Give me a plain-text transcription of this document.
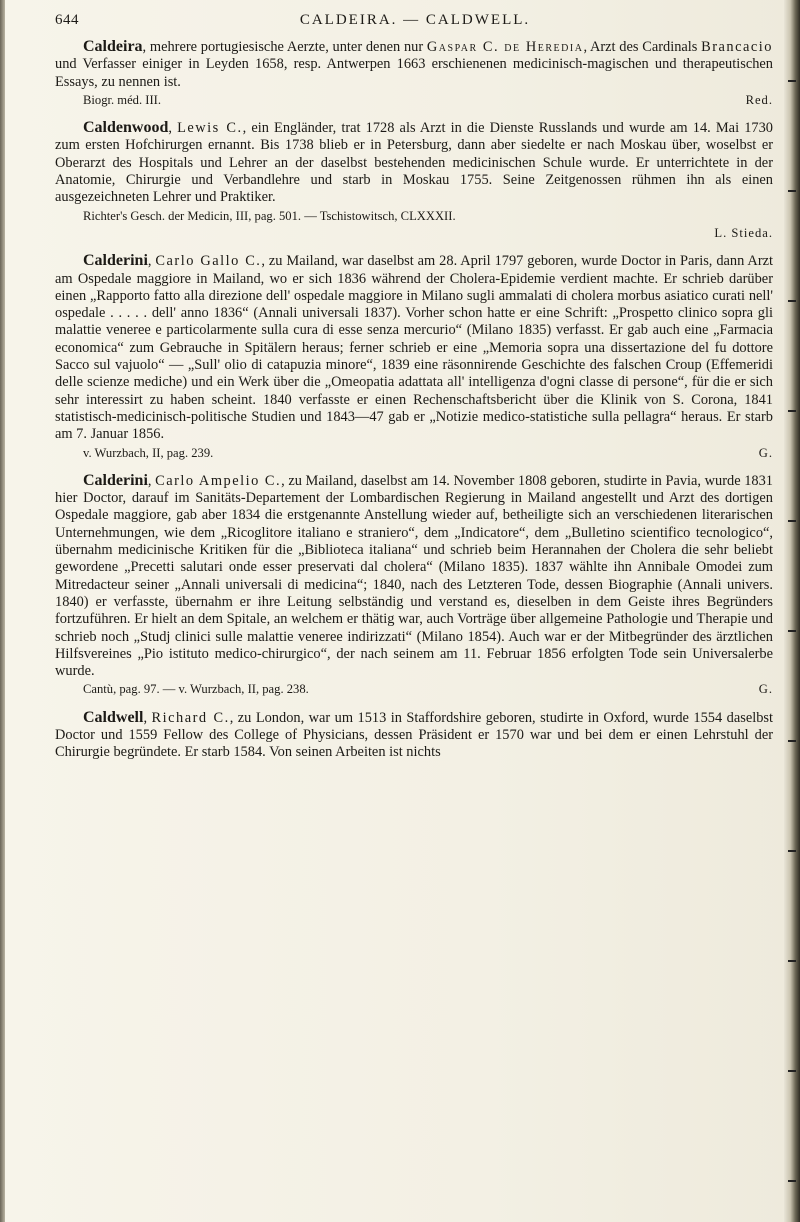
644	CALDEIRA. — CALDWELL.

Caldeira, mehrere portugiesische Aerzte, unter denen nur Gaspar C. de Heredia, Arzt des Cardinals Brancacio und Verfasser einiger in Leyden 1658, resp. Antwerpen 1663 erschienenen medicinisch-magischen und therapeutischen Essays, zu nennen ist.

Biogr. méd. III.	Red.

Caldenwood, Lewis C., ein Engländer, trat 1728 als Arzt in die Dienste Russlands und wurde am 14. Mai 1730 zum ersten Hofchirurgen ernannt. Bis 1738 blieb er in Petersburg, dann aber siedelte er nach Moskau über, woselbst er Oberarzt des Hospitals und Lehrer an der daselbst bestehenden medicinischen Schule wurde. Er unterrichtete in der Anatomie, Chirurgie und Verbandlehre und starb in Moskau 1755. Seine Zeitgenossen rühmen ihn als einen ausgezeichneten Lehrer und Praktiker.

Richter's Gesch. der Medicin, III, pag. 501. — Tschistowitsch, CLXXXII.

L. Stieda.

Calderini, Carlo Gallo C., zu Mailand, war daselbst am 28. April 1797 geboren, wurde Doctor in Paris, dann Arzt am Ospedale maggiore in Mailand, wo er sich 1836 während der Cholera-Epidemie verdient machte. Er schrieb darüber einen „Rapporto fatto alla direzione dell' ospedale maggiore in Milano sugli ammalati di cholera morbus asiatico curati nell' ospedale . . . . . dell' anno 1836“ (Annali universali 1837). Vorher schon hatte er eine Schrift: „Prospetto clinico sopra gli malattie veneree e particolarmente sulla cura di esse senza mercurio“ (Milano 1835) verfasst. Er gab auch eine „Farmacia economica“ zum Gebrauche in Spitälern heraus; ferner schrieb er eine „Memoria sopra una dissertazione del fu dottore Sacco sul vajuolo“ — „Sull' olio di catapuzia minore“, 1839 eine räsonnirende Geschichte des falschen Croup (Effemeridi delle scienze mediche) und ein Werk über die „Omeopatia adattata all' intelligenza d'ogni classe di persone“, für die er sich sehr interessirt zu haben scheint. 1840 verfasste er einen Rechenschaftsbericht über die Klinik von S. Corona, 1841 statistisch-medicinisch-politische Studien und 1843—47 gab er „Notizie medico-statistiche sulla pellagra“ heraus. Er starb am 7. Januar 1856.

v. Wurzbach, II, pag. 239.	G.

Calderini, Carlo Ampelio C., zu Mailand, daselbst am 14. November 1808 geboren, studirte in Pavia, wurde 1831 hier Doctor, darauf im Sanitäts-Departement der Lombardischen Regierung in Mailand angestellt und Arzt des dortigen Ospedale maggiore, gab aber 1834 die erstgenannte Anstellung wieder auf, betheiligte sich an verschiedenen literarischen Unternehmungen, wie dem „Ricoglitore italiano e straniero“, dem „Indicatore“, dem „Bulletino scientifico tecnologico“, übernahm medicinische Kritiken für die „Biblioteca italiana“ und schrieb beim Herannahen der Cholera die sehr beliebt gewordene „Precetti salutari onde esser preservati dal cholera“ (Milano 1835). 1837 wählte ihn Annibale Omodei zum Mitredacteur seiner „Annali universali di medicina“; 1840, nach des Letzteren Tode, dessen Biographie (Annali univers. 1840) er verfasste, übernahm er ihre Leitung selbständig und verstand es, dieselben in dem Geiste ihres Begründers fortzuführen. Er hielt an dem Spitale, an welchem er thätig war, auch Vorträge über allgemeine Pathologie und Therapie und schrieb noch „Studj clinici sulle malattie veneree indirizzati“ (Milano 1854). Auch war er der Mitbegründer des ärztlichen Hilfsvereines „Pio istituto medico-chirurgico“, der nach seinem am 11. Februar 1856 erfolgten Tode sein Universalerbe wurde.

Cantù, pag. 97. — v. Wurzbach, II, pag. 238.	G.

Caldwell, Richard C., zu London, war um 1513 in Staffordshire geboren, studirte in Oxford, wurde 1554 daselbst Doctor und 1559 Fellow des College of Physicians, dessen Präsident er 1570 war und bei dem er einen Lehrstuhl der Chirurgie begründete. Er starb 1584. Von seinen Arbeiten ist nichts
